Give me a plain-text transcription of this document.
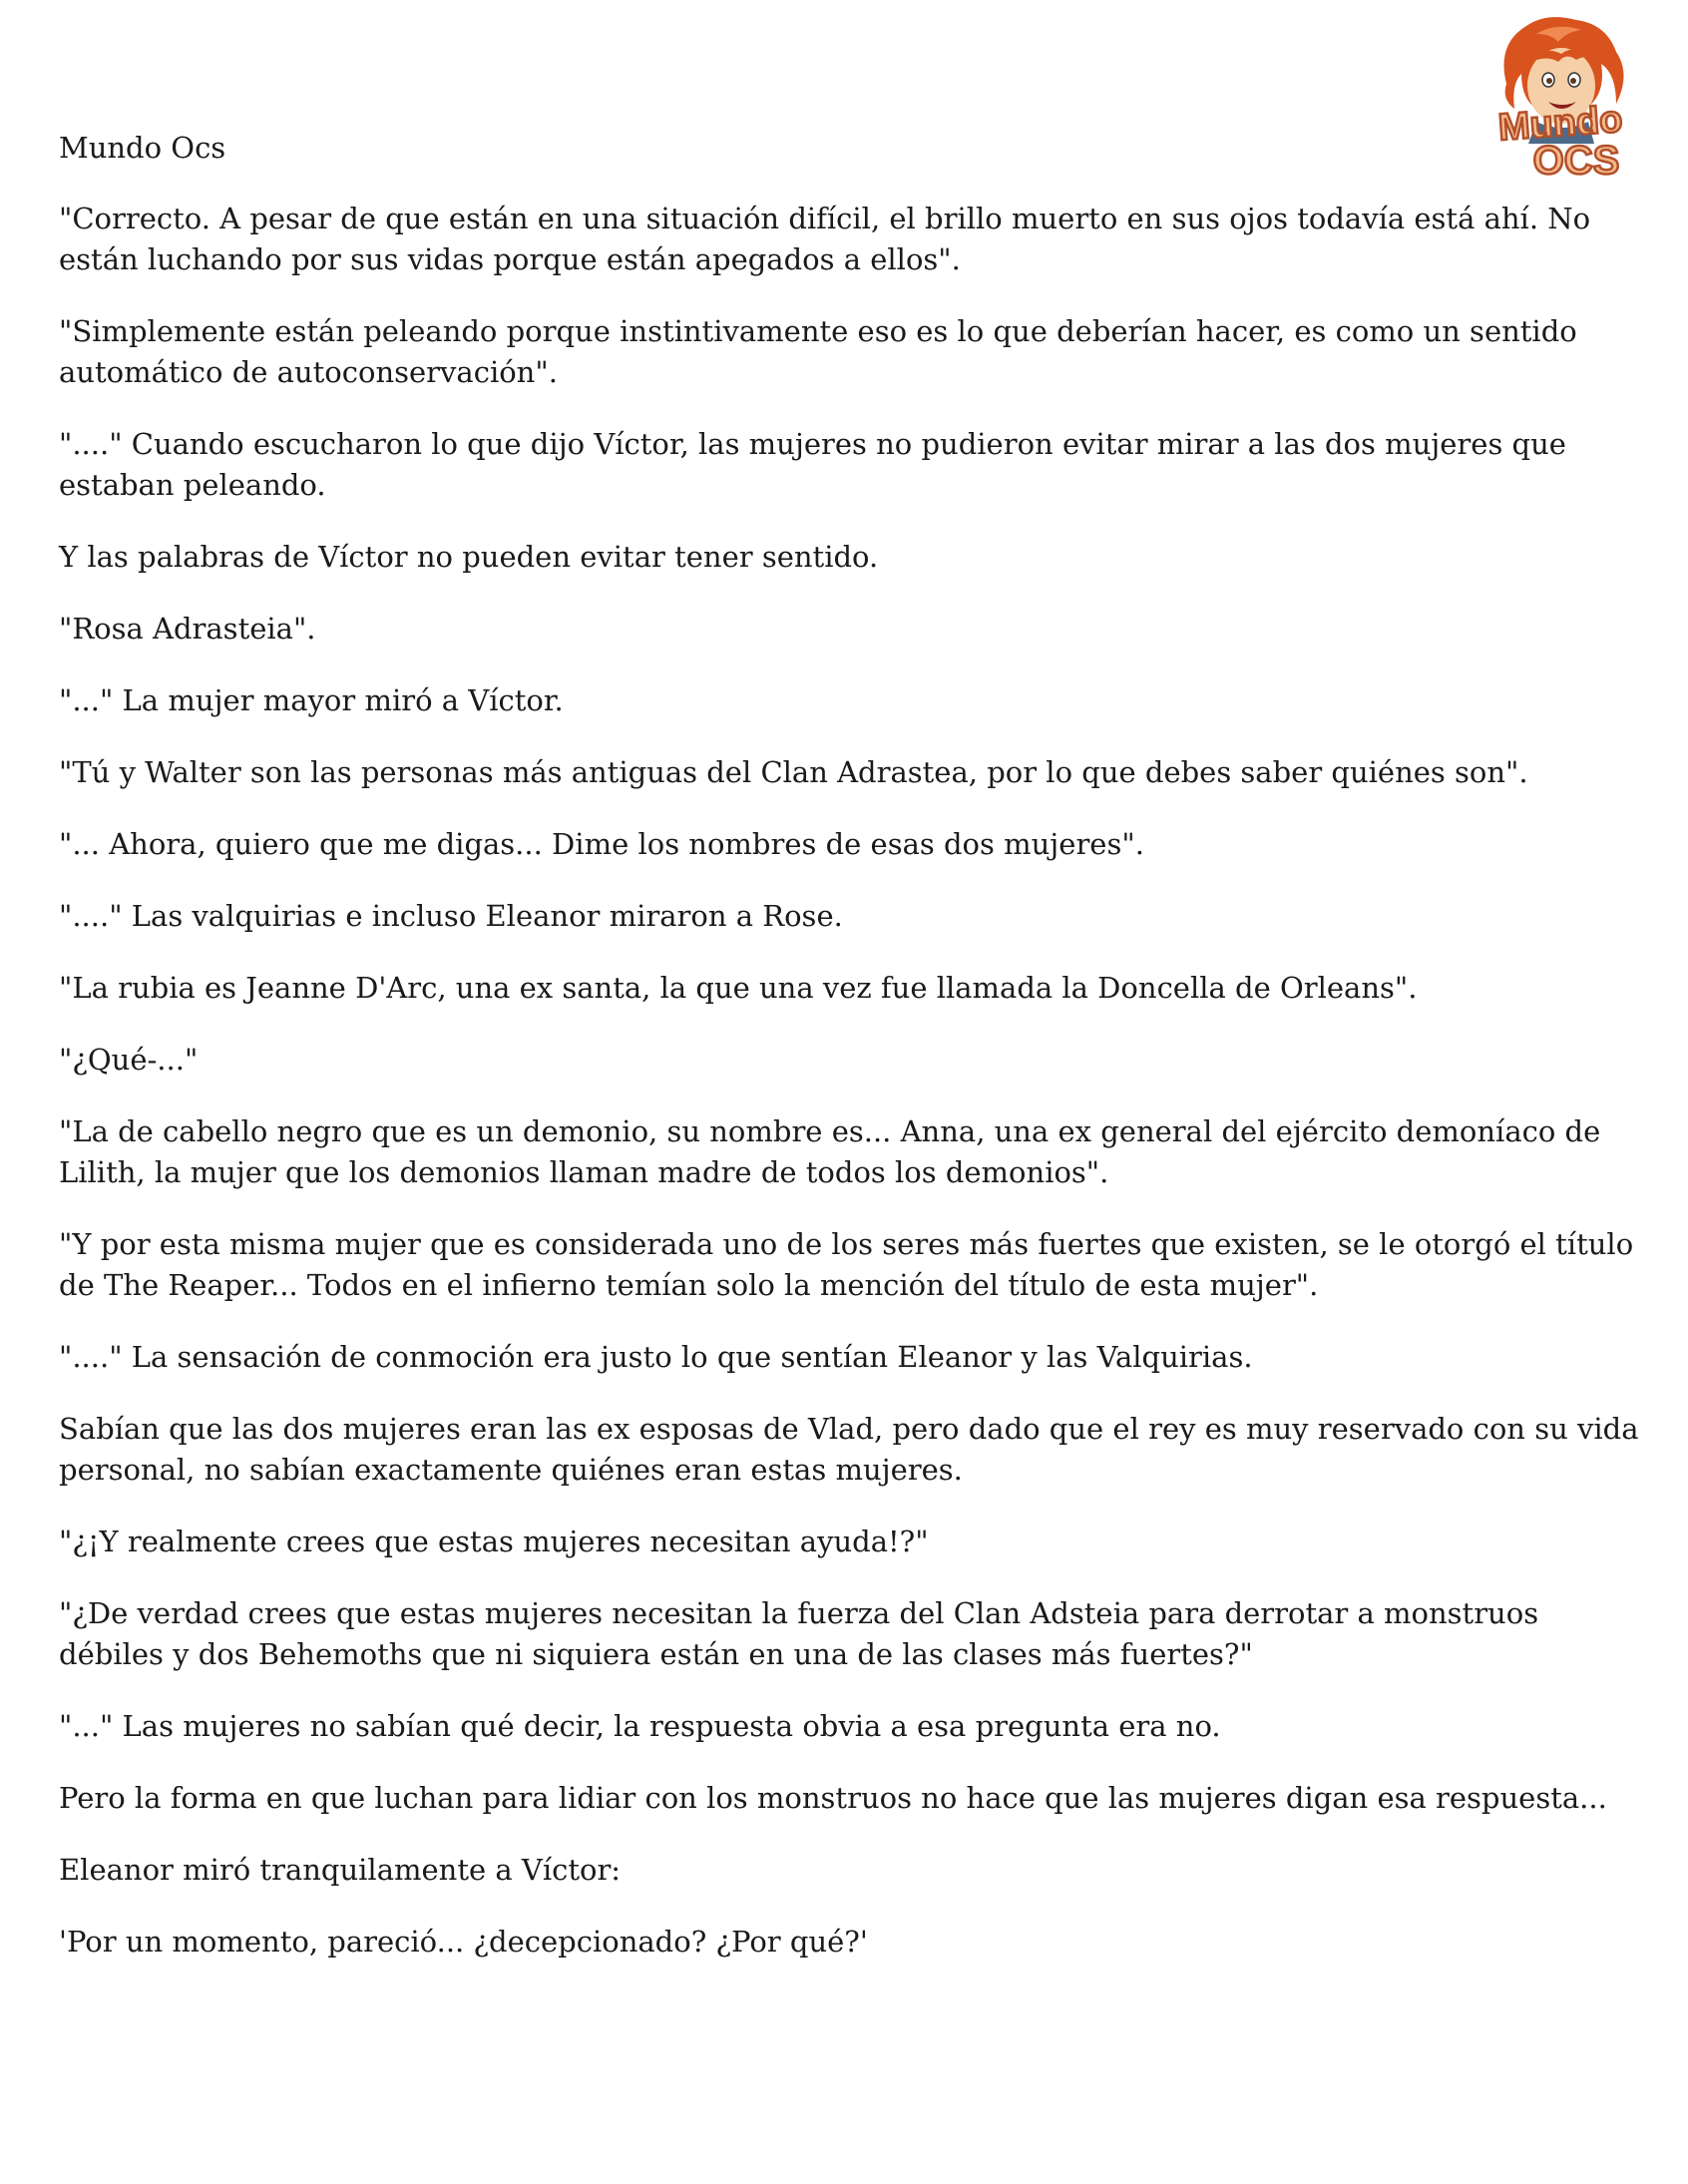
Mundo
OCS

Mundo Ocs

"Correcto. A pesar de que están en una situación difícil, el brillo muerto en sus ojos todavía está ahí. No están luchando por sus vidas porque están apegados a ellos".

"Simplemente están peleando porque instintivamente eso es lo que deberían hacer, es como un sentido automático de autoconservación".

"...." Cuando escucharon lo que dijo Víctor, las mujeres no pudieron evitar mirar a las dos mujeres que estaban peleando.

Y las palabras de Víctor no pueden evitar tener sentido.

"Rosa Adrasteia".

"..." La mujer mayor miró a Víctor.

"Tú y Walter son las personas más antiguas del Clan Adrastea, por lo que debes saber quiénes son".

"... Ahora, quiero que me digas... Dime los nombres de esas dos mujeres".

"...." Las valquirias e incluso Eleanor miraron a Rose.

"La rubia es Jeanne D'Arc, una ex santa, la que una vez fue llamada la Doncella de Orleans".

"¿Qué-..."

"La de cabello negro que es un demonio, su nombre es... Anna, una ex general del ejército demoníaco de Lilith, la mujer que los demonios llaman madre de todos los demonios".

"Y por esta misma mujer que es considerada uno de los seres más fuertes que existen, se le otorgó el título de The Reaper... Todos en el infierno temían solo la mención del título de esta mujer".

"...." La sensación de conmoción era justo lo que sentían Eleanor y las Valquirias.

Sabían que las dos mujeres eran las ex esposas de Vlad, pero dado que el rey es muy reservado con su vida personal, no sabían exactamente quiénes eran estas mujeres.

"¿¡Y realmente crees que estas mujeres necesitan ayuda!?"

"¿De verdad crees que estas mujeres necesitan la fuerza del Clan Adsteia para derrotar a monstruos débiles y dos Behemoths que ni siquiera están en una de las clases más fuertes?"

"..." Las mujeres no sabían qué decir, la respuesta obvia a esa pregunta era no.

Pero la forma en que luchan para lidiar con los monstruos no hace que las mujeres digan esa respuesta...

Eleanor miró tranquilamente a Víctor:

'Por un momento, pareció... ¿decepcionado? ¿Por qué?'
